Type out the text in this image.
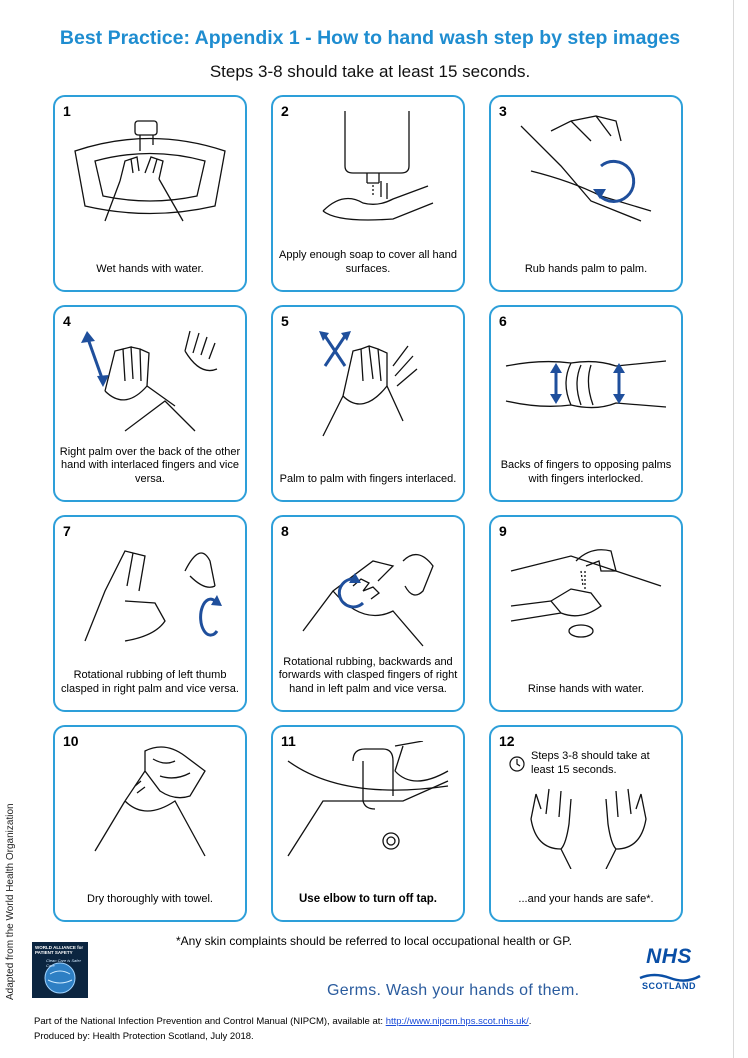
Best Practice: Appendix 1 - How to hand wash step by step images
Steps 3-8 should take at least 15 seconds.
1
Wet hands with water.
2
Apply enough soap to cover all hand surfaces.
3
Rub hands palm to palm.
4
Right palm over the back of the other hand with interlaced fingers and vice versa.
5
Palm to palm with fingers interlaced.
6
Backs of fingers to opposing palms with fingers interlocked.
7
Rotational rubbing of left thumb clasped in right palm and vice versa.
8
Rotational rubbing, backwards and forwards with clasped fingers of right hand in left palm and vice versa.
9
Rinse hands with water.
10
Dry thoroughly with towel.
11
Use elbow to turn off tap.
12
Steps 3-8 should take at least 15 seconds.
...and your hands are safe*.
*Any skin complaints should be referred to local occupational health or GP.
Adapted from the World Health Organization	WORLD ALLIANCE for PATIENT SAFETY
Clean Care is Safer Care
Germs. Wash your hands of them.
NHS
SCOTLAND
Part of the National Infection Prevention and Control Manual (NIPCM), available at: http://www.nipcm.hps.scot.nhs.uk/.
Produced by: Health Protection Scotland, July 2018.
